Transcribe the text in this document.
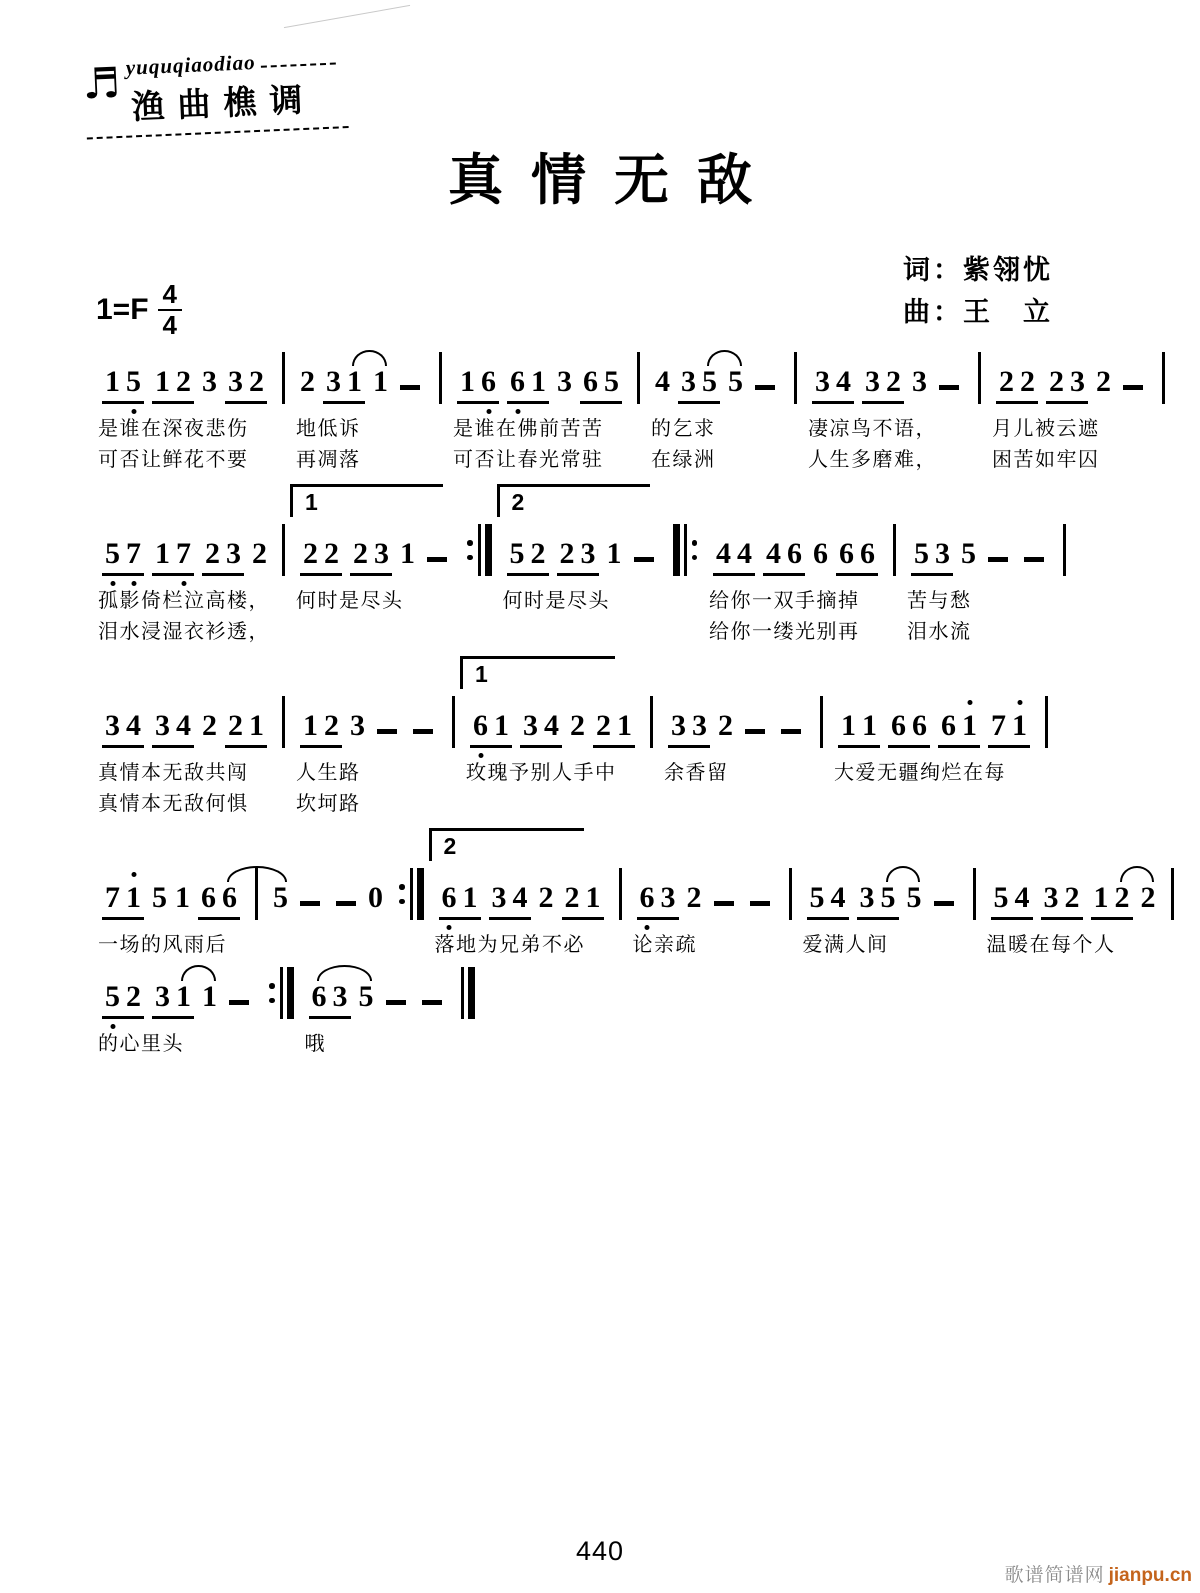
♬ yuquqiaodiao
渔曲樵调
真情无敌
词：紫翎忧
曲：王　立
$1=F \frac{4}{4}$
1 5 1 2 3 3 2
是谁在深夜悲伤
可否让鲜花不要
2 3 1 1
地低诉
再凋落
1 6 6 1 3 6 5
是谁在佛前苦苦
可否让春光常驻
4 3 5 5
的乞求
在绿洲
3 4 3 2 3
凄凉鸟不语，
人生多磨难，
2 2 2 3 2
月儿被云遮
困苦如牢囚
5 7 1 7 2 3 2
孤影倚栏泣高楼，
泪水浸湿衣衫透，
1
2 2 2 3 1
何时是尽头
2
5 2 2 3 1
何时是尽头
4 4 4 6 6 6 6
给你一双手摘掉
给你一缕光别再
5 3 5
苦与愁
泪水流
3 4 3 4 2 2 1
真情本无敌共闯
真情本无敌何惧
1 2 3
人生路
坎坷路
1
6 1 3 4 2 2 1
玫瑰予别人手中
3 3 2
余香留
1 1 6 6 6 1 7 1
大爱无疆绚烂在每
7 1 5 1 6 6
一场的风雨后
5	0
2
6 1 3 4 2 2 1
落地为兄弟不必
6 3 2
论亲疏
5 4 3 5 5
爱满人间
5 4 3 2 1 2 2
温暖在每个人
5 2 3 1 1
的心里头
6 3 5
哦
440
歌谱简谱网 jianpu.cn
